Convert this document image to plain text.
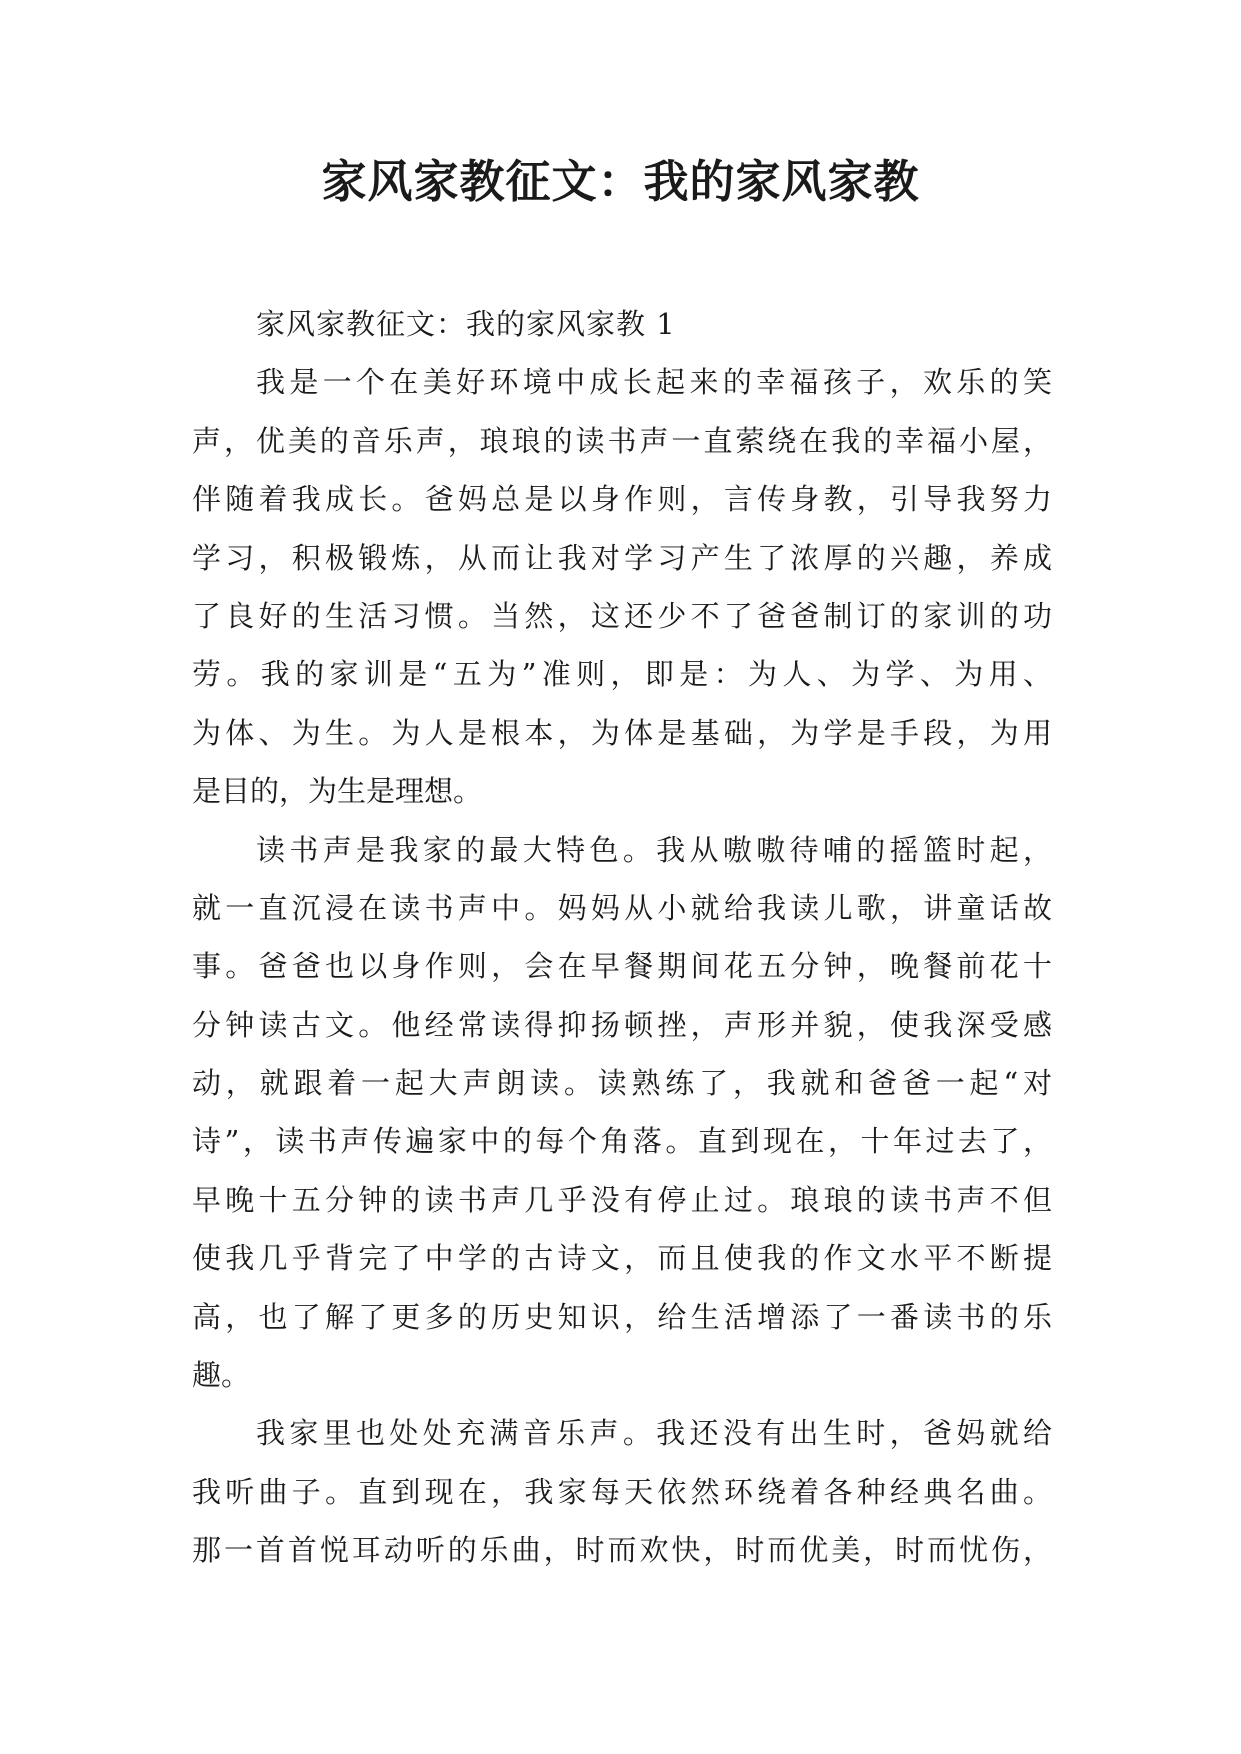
家风家教征文：我的家风家教
家风家教征文：我的家风家教 1
我是一个在美好环境中成长起来的幸福孩子，欢乐的笑
声，优美的音乐声，琅琅的读书声一直萦绕在我的幸福小屋，
伴随着我成长。爸妈总是以身作则，言传身教，引导我努力
学习，积极锻炼，从而让我对学习产生了浓厚的兴趣，养成
了良好的生活习惯。当然，这还少不了爸爸制订的家训的功
劳。我的家训是“五为”准则，即是：为人、为学、为用、
为体、为生。为人是根本，为体是基础，为学是手段，为用
是目的，为生是理想。
读书声是我家的最大特色。我从嗷嗷待哺的摇篮时起，
就一直沉浸在读书声中。妈妈从小就给我读儿歌，讲童话故
事。爸爸也以身作则，会在早餐期间花五分钟，晚餐前花十
分钟读古文。他经常读得抑扬顿挫，声形并貌，使我深受感
动，就跟着一起大声朗读。读熟练了，我就和爸爸一起“对
诗”，读书声传遍家中的每个角落。直到现在，十年过去了，
早晚十五分钟的读书声几乎没有停止过。琅琅的读书声不但
使我几乎背完了中学的古诗文，而且使我的作文水平不断提
高，也了解了更多的历史知识，给生活增添了一番读书的乐
趣。
我家里也处处充满音乐声。我还没有出生时，爸妈就给
我听曲子。直到现在，我家每天依然环绕着各种经典名曲。
那一首首悦耳动听的乐曲，时而欢快，时而优美，时而忧伤，
